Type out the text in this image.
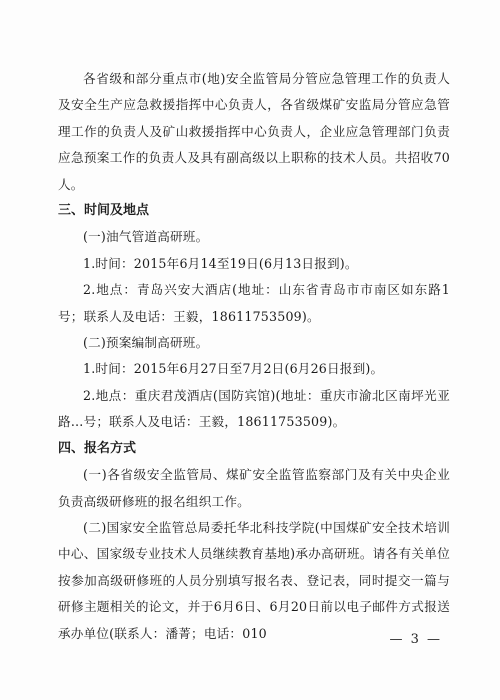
各省级和部分重点市(地)安全监管局分管应急管理工作的负责人及安全生产应急救援指挥中心负责人，各省级煤矿安监局分管应急管理工作的负责人及矿山救援指挥中心负责人，企业应急管理部门负责应急预案工作的负责人及具有副高级以上职称的技术人员。共招收70人。

三、时间及地点

(一)油气管道高研班。

1.时间：2015年6月14至19日(6月13日报到)。

2.地点：青岛兴安大酒店(地址：山东省青岛市市南区如东路1号；联系人及电话：王毅，18611753509)。

(二)预案编制高研班。

1.时间：2015年6月27日至7月2日(6月26日报到)。

2.地点：重庆君茂酒店(国防宾馆)(地址：重庆市渝北区南坪光亚路…号；联系人及电话：王毅，18611753509)。

四、报名方式

(一)各省级安全监管局、煤矿安全监管监察部门及有关中央企业负责高级研修班的报名组织工作。

(二)国家安全监管总局委托华北科技学院(中国煤矿安全技术培训中心、国家级专业技术人员继续教育基地)承办高研班。请各有关单位按参加高级研修班的人员分别填写报名表、登记表，同时提交一篇与研修主题相关的论文，并于6月6日、6月20日前以电子邮件方式报送承办单位(联系人：潘菁；电话：010	— 3 —
